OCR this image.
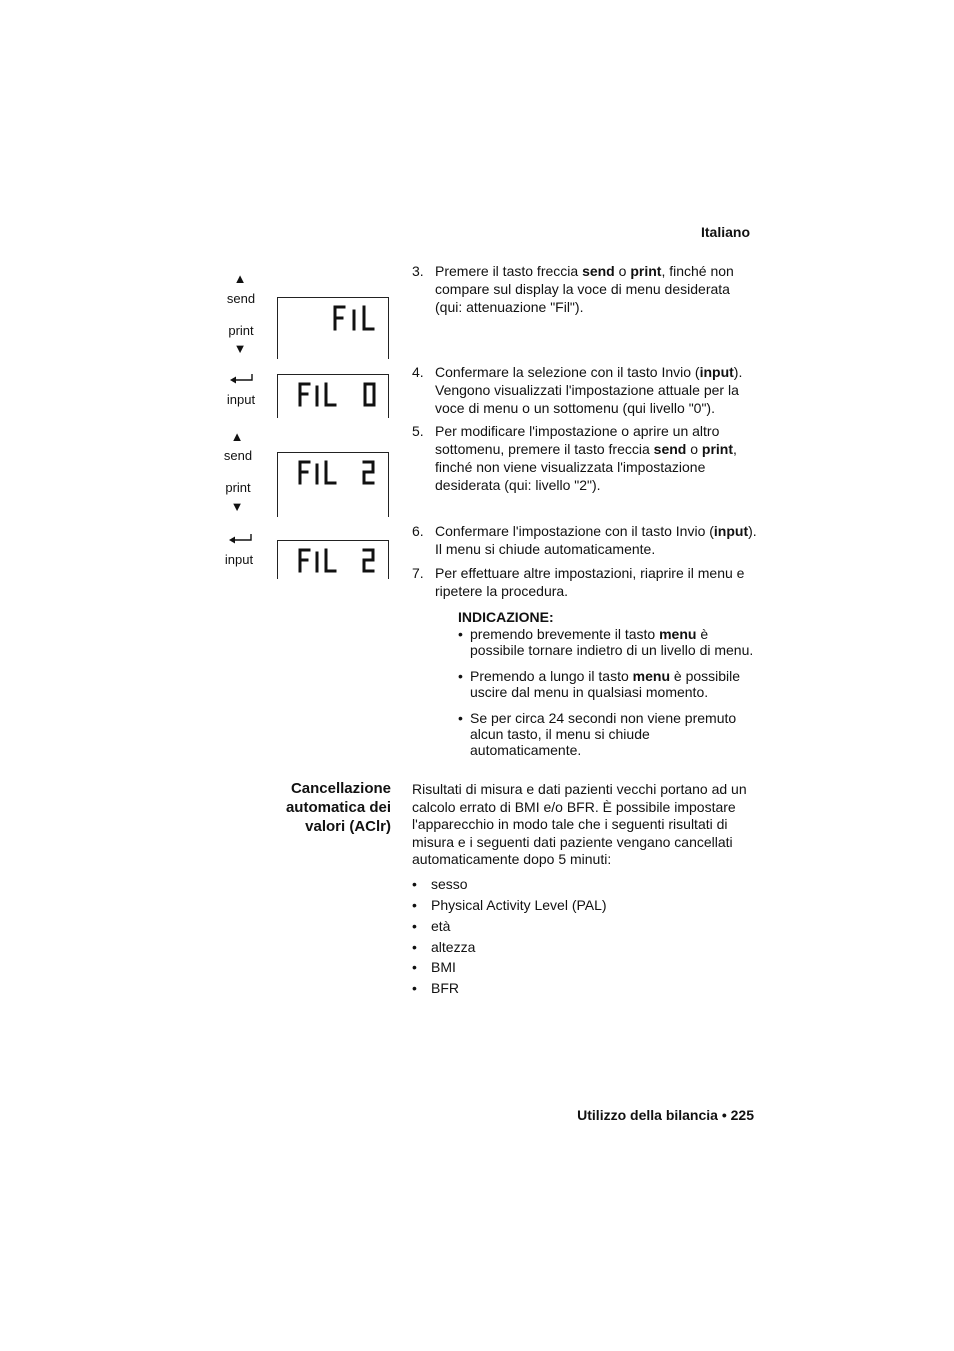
Italiano
▲
send
print
▼
input
▲
send
print
▼
input
3. Premere il tasto freccia send o print, finché non compare sul display la voce di menu desiderata (qui: attenuazione "Fil").
4. Confermare la selezione con il tasto Invio (input). Vengono visualizzati l'impostazione attuale per la voce di menu o un sottomenu (qui livello "0").
5. Per modificare l'impostazione o aprire un altro sottomenu, premere il tasto freccia send o print, finché non viene visualizzata l'impostazione desiderata (qui: livello "2").
6. Confermare l'impostazione con il tasto Invio (input). Il menu si chiude automaticamente.
7. Per effettuare altre impostazioni, riaprire il menu e ripetere la procedura.
INDICAZIONE:
• premendo brevemente il tasto menu è possibile tornare indietro di un livello di menu.
• Premendo a lungo il tasto menu è possibile uscire dal menu in qualsiasi momento.
• Se per circa 24 secondi non viene premuto alcun tasto, il menu si chiude automaticamente.
Cancellazione
automatica dei
valori (AClr)
Risultati di misura e dati pazienti vecchi portano ad un calcolo errato di BMI e/o BFR. È possibile impostare l'apparecchio in modo tale che i seguenti risultati di misura e i seguenti dati paziente vengano cancellati automaticamente dopo 5 minuti:
• sesso
• Physical Activity Level (PAL)
• età
• altezza
• BMI
• BFR
Utilizzo della bilancia • 225
